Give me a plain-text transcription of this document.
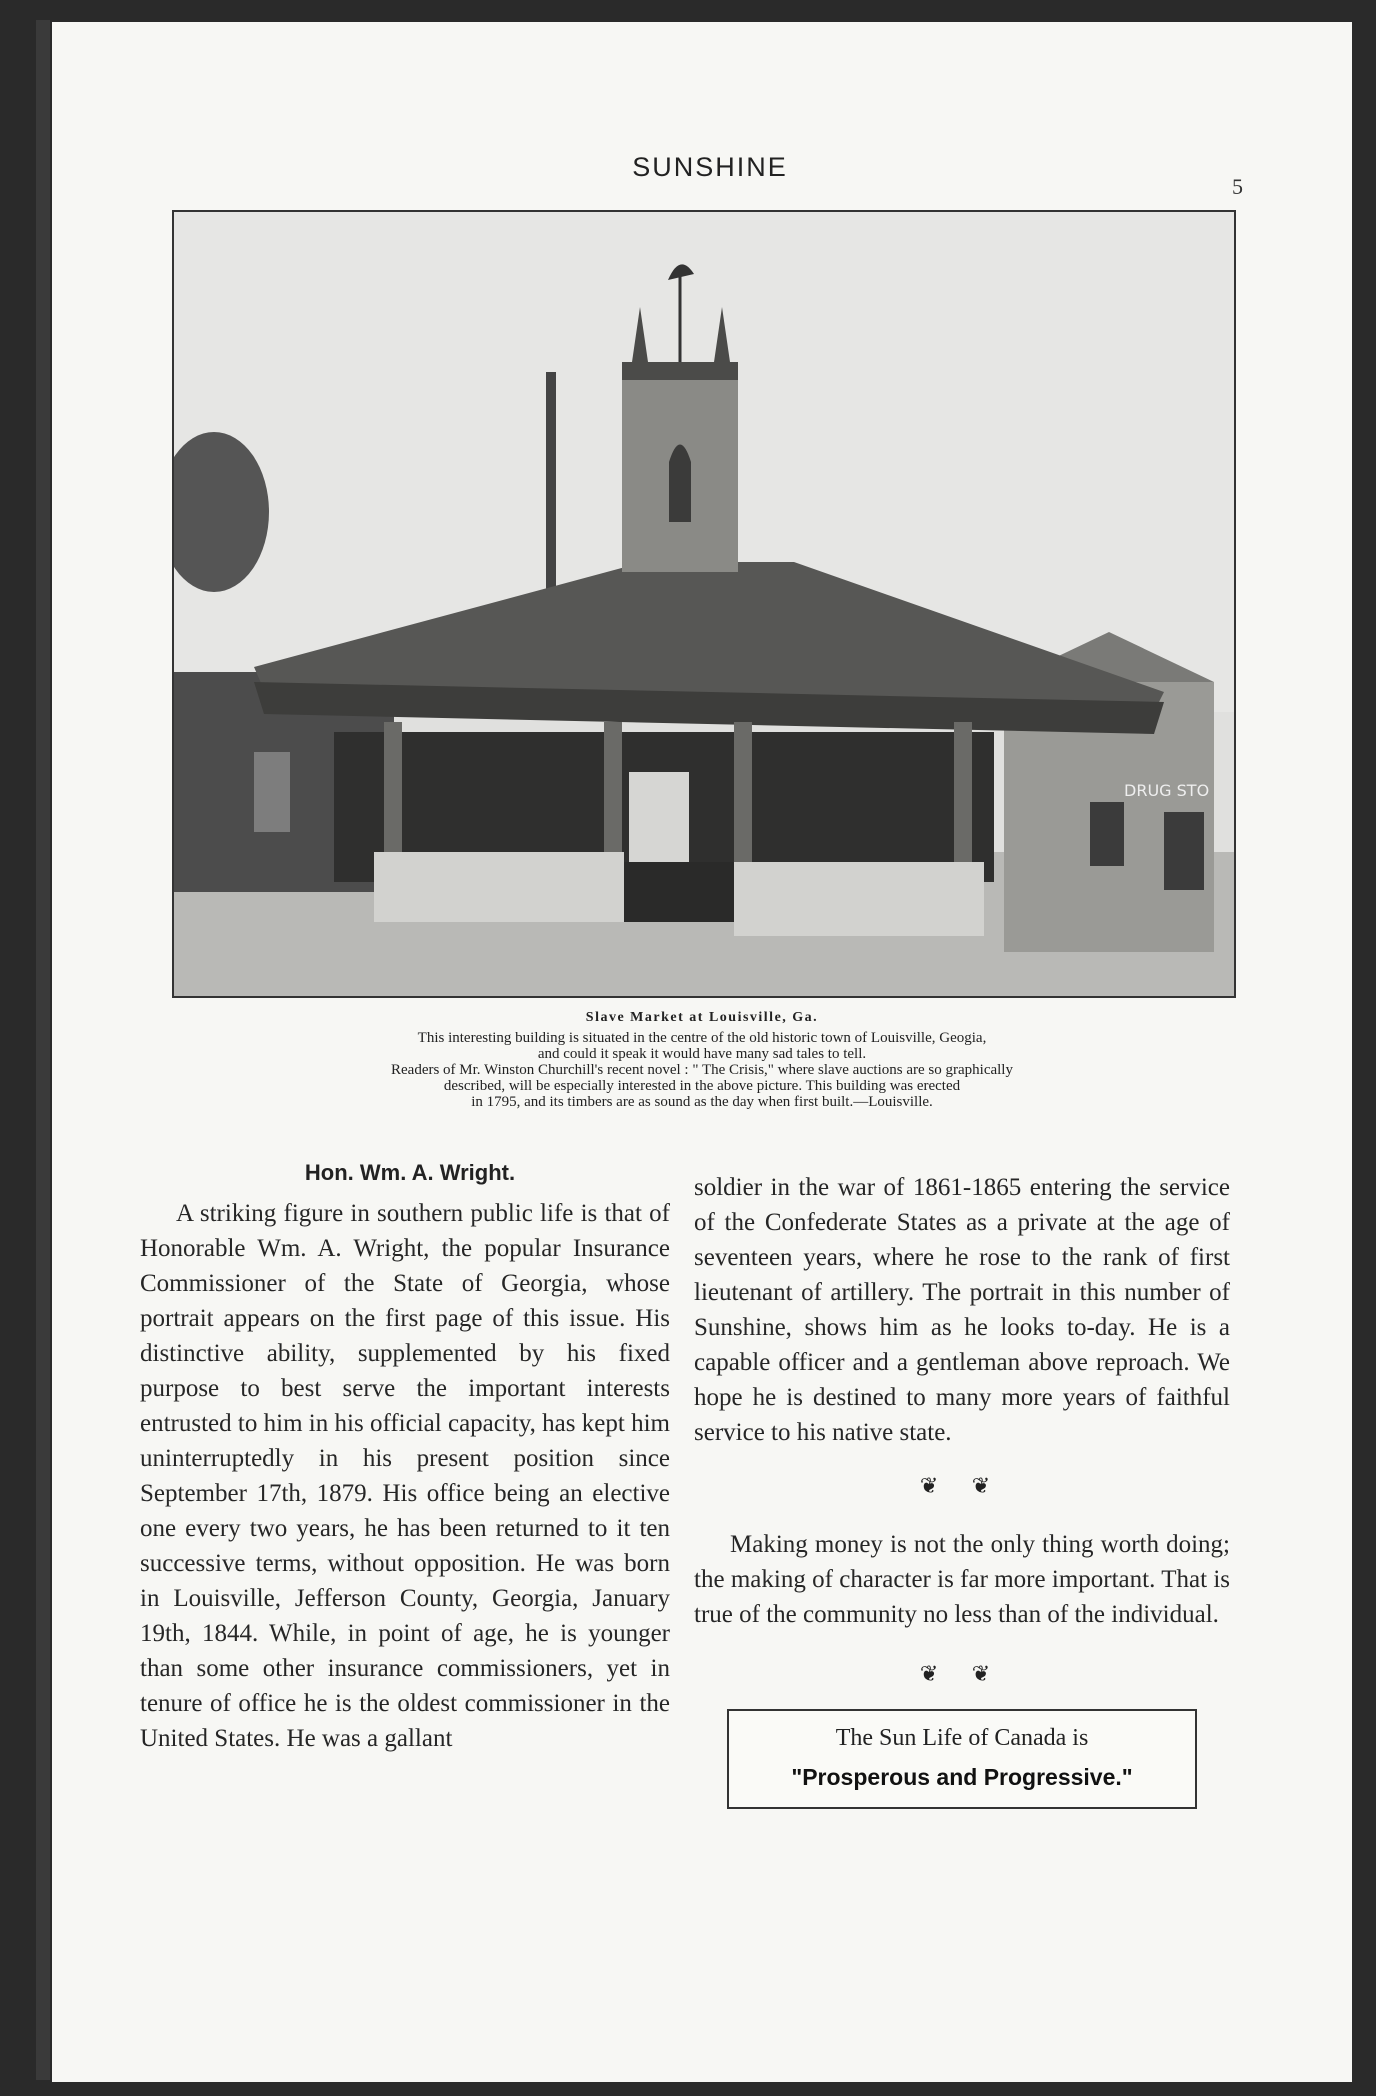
SUNSHINE
5
DRUG STO
Slave Market at Louisville, Ga.
This interesting building is situated in the centre of the old historic town of Louisville, Geogia,
and could it speak it would have many sad tales to tell.
Readers of Mr. Winston Churchill's recent novel : " The Crisis," where slave auctions are so graphically
described, will be especially interested in the above picture. This building was erected
in 1795, and its timbers are as sound as the day when first built.—Louisville.
Hon. Wm. A. Wright.

A striking figure in southern public life is that of Honorable Wm. A. Wright, the popular Insurance Commissioner of the State of Georgia, whose portrait appears on the first page of this issue. His distinctive ability, supplemented by his fixed purpose to best serve the important interests entrusted to him in his official capacity, has kept him uninterruptedly in his present position since September 17th, 1879. His office being an elective one every two years, he has been returned to it ten successive terms, without opposition. He was born in Louisville, Jefferson County, Georgia, January 19th, 1844. While, in point of age, he is younger than some other insurance commissioners, yet in tenure of office he is the oldest commissioner in the United States. He was a gallant

soldier in the war of 1861-1865 entering the service of the Confederate States as a private at the age of seventeen years, where he rose to the rank of first lieutenant of artillery. The portrait in this number of Sunshine, shows him as he looks to-day. He is a capable officer and a gentleman above reproach. We hope he is destined to many more years of faithful service to his native state.

❦ ❦

Making money is not the only thing worth doing; the making of character is far more important. That is true of the community no less than of the individual.

❦ ❦
The Sun Life of Canada is
"Prosperous and Progressive."
